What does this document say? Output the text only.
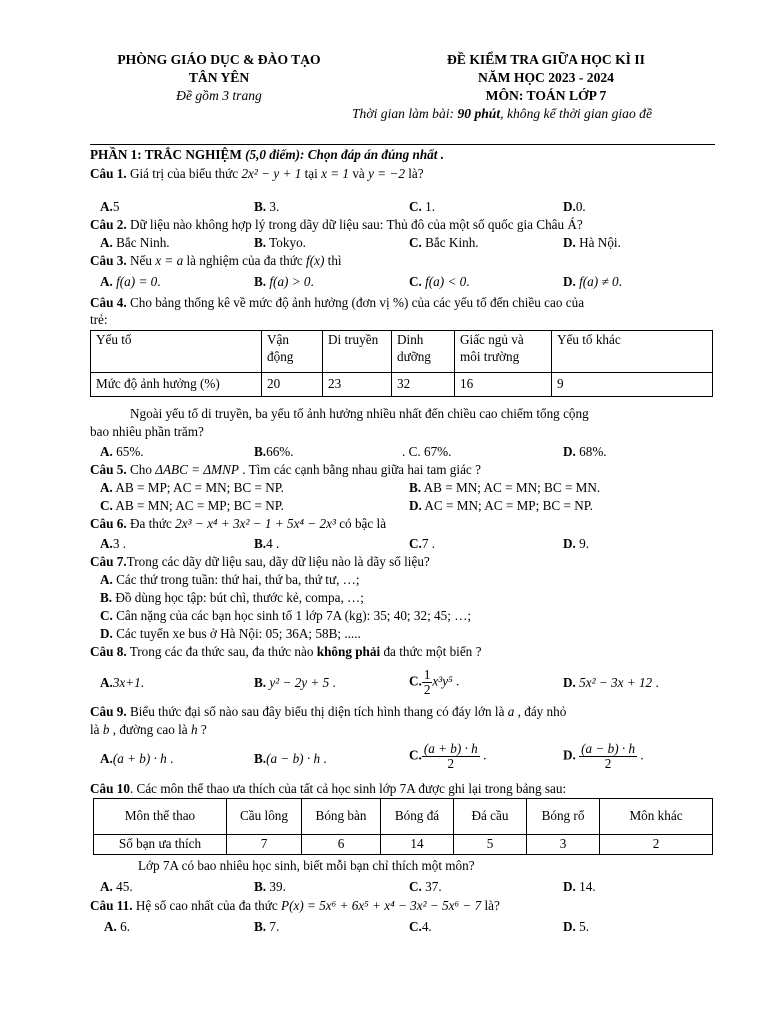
PHÒNG GIÁO DỤC & ĐÀO TẠO
TÂN YÊN
Đề gồm 3 trang
ĐỀ KIỂM TRA GIỮA HỌC KÌ II
NĂM HỌC 2023 - 2024
MÔN: TOÁN LỚP 7
Thời gian làm bài: 90 phút, không kể thời gian giao đề
PHẦN 1: TRẮC NGHIỆM (5,0 điểm): Chọn đáp án đúng nhất .
Câu 1. Giá trị của biểu thức 2x² − y + 1 tại x = 1 và y = −2 là?
A.5	B. 3.	C. 1.	D.0.
Câu 2. Dữ liệu nào không hợp lý trong dãy dữ liệu sau: Thủ đô của một số quốc gia Châu Á?
A. Bắc Ninh.	B. Tokyo.	C. Bắc Kinh.	D. Hà Nội.
Câu 3. Nếu x = a là nghiệm của đa thức f(x) thì
A. f(a) = 0.	B. f(a) > 0.	C. f(a) < 0.	D. f(a) ≠ 0.
Câu 4. Cho bảng thống kê về mức độ ảnh hưởng (đơn vị %) của các yếu tố đến chiều cao của
trẻ:
Yếu tố	Vận động	Di truyền	Dinh dưỡng	Giấc ngủ và môi trường	Yếu tố khác
Mức độ ảnh hưởng (%)	20	23	32	16	9
Ngoài yếu tố di truyền, ba yếu tố ảnh hưởng nhiều nhất đến chiều cao chiếm tổng cộng
bao nhiêu phần trăm?
A. 65%.	B.66%.	. C. 67%.	D. 68%.
Câu 5. Cho ΔABC = ΔMNP . Tìm các cạnh bằng nhau giữa hai tam giác ?
A. AB = MP; AC = MN; BC = NP.	B. AB = MN; AC = MN; BC = MN.
C. AB = MN; AC = MP; BC = NP.	D. AC = MN; AC = MP; BC = NP.
Câu 6. Đa thức 2x³ − x⁴ + 3x² − 1 + 5x⁴ − 2x³ có bậc là
A.3 .	B.4 .	C.7 .	D. 9.
Câu 7.Trong các dãy dữ liệu sau, dãy dữ liệu nào là dãy số liệu?
A. Các thứ trong tuần: thứ hai, thứ ba, thứ tư, …;
B. Đồ dùng học tập: bút chì, thước kẻ, compa, …;
C. Cân nặng của các bạn học sinh tổ 1 lớp 7A (kg): 35; 40; 32; 45; …;
D. Các tuyến xe bus ở Hà Nội: 05; 36A; 58B; .....
Câu 8. Trong các đa thức sau, đa thức nào không phải đa thức một biến ?
A.3x+1.	B. y² − 2y + 5 .	C. $\frac{1}{2} x^3y^5$ .	D. 5x² − 3x + 12 .
Câu 9. Biểu thức đại số nào sau đây biểu thị diện tích hình thang có đáy lớn là a , đáy nhỏ
là b , đường cao là h ?
A.(a + b) · h .	B.(a − b) · h .	C. $\frac{(a + b) \cdot h}{2}$ .	D. $\frac{(a - b) \cdot h}{2}$ .
Câu 10. Các môn thể thao ưa thích của tất cả học sinh lớp 7A được ghi lại trong bảng sau:
Môn thể thao	Cầu lông	Bóng bàn	Bóng đá	Đá cầu	Bóng rổ	Môn khác
Số bạn ưa thích	7	6	14	5	3	2
Lớp 7A có bao nhiêu học sinh, biết mỗi bạn chỉ thích một môn?
A. 45.	B. 39.	C. 37.	D. 14.
Câu 11. Hệ số cao nhất của đa thức P(x) = 5x⁶ + 6x⁵ + x⁴ − 3x² − 5x⁶ − 7 là?
A. 6.	B. 7.	C.4.	D. 5.
